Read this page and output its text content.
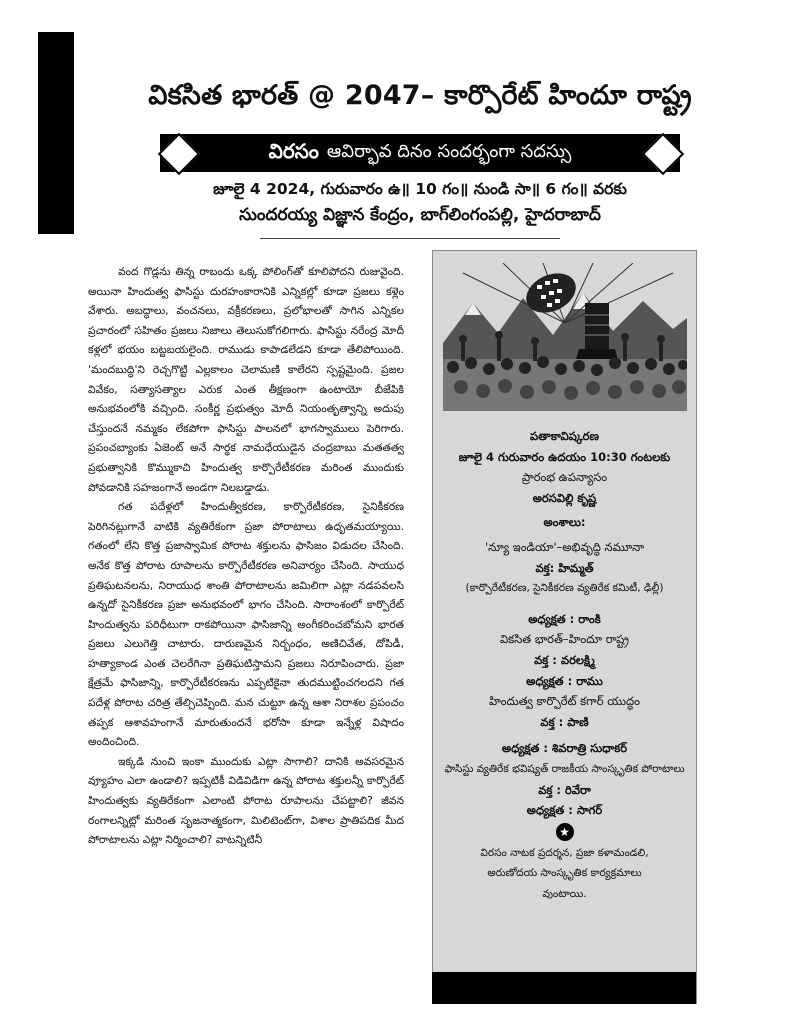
వికసిత భారత్ @ 2047– కార్పొరేట్ హిందూ రాష్ట్ర
విరసం ఆవిర్భావ దినం సందర్భంగా సదస్సు
జూలై 4 2024, గురువారం ఉ॥ 10 గం॥ నుండి సా॥ 6 గం॥ వరకు
సుందరయ్య విజ్ఞాన కేంద్రం, బాగ్‌లింగంపల్లి, హైదరాబాద్

వంద గొడ్లను తిన్న రాబందు ఒక్క పోలింగ్‌తో కూలిపోదని రుజువైంది. అయినా హిందుత్వ ఫాసిస్టు దురహంకారానికి ఎన్నికల్లో కూడా ప్రజలు కళ్లెం వేశారు. అబద్ధాలు, వంచనలు, వక్రీకరణలు, ప్రలోభాలతో సాగిన ఎన్నికల ప్రచారంలో సహితం ప్రజలు నిజాలు తెలుసుకోగలిగారు. ఫాసిస్టు నరేంద్ర మోదీ కళ్లలో భయం బట్టబయలైంది. రాముడు కాపాడలేడని కూడా తేలిపోయింది. 'మందబుద్ధి'ని రెచ్చగొట్టి ఎల్లకాలం చెలామణి కాలేరని స్పష్టమైంది. ప్రజల వివేకం, సత్యాసత్యాల ఎరుక ఎంత తీక్షణంగా ఉంటాయో బీజేపికి అనుభవంలోకి వచ్చింది. సంకీర్ణ ప్రభుత్వం మోదీ నియంతృత్వాన్ని అదుపు చేస్తుందనే నమ్మకం లేకపోగా ఫాసిస్టు పాలనలో భాగస్వాములు పెరిగారు. ప్రపంచబ్యాంకు ఏజెంట్ అనే సార్థక నామధేయుడైన చంద్రబాబు మతతత్వ ప్రభుత్వానికి కొమ్ముకాచి హిందుత్వ కార్పొరేటీకరణ మరింత ముందుకు పోవడానికి సహజంగానే అండగా నిలబడ్డాడు.

గత పదేళ్లలో హిందుత్వీకరణ, కార్పొరేటీకరణ, సైనికీకరణ పెరిగినట్లుగానే వాటికి వ్యతిరేకంగా ప్రజా పోరాటాలు ఉధృతమయ్యాయి. గతంలో లేని కొత్త ప్రజాస్వామిక పోరాట శక్తులను ఫాసిజం విడుదల చేసింది. అనేక కొత్త పోరాట రూపాలను కార్పొరేటీకరణ అనివార్యం చేసింది. సాయుధ ప్రతిఘటనలను, నిరాయుధ శాంతి పోరాటాలను జమిలిగా ఎట్లా నడపవలసి ఉన్నదో సైనికీకరణ ప్రజా అనుభవంలో భాగం చేసింది. సారాంశంలో కార్పొరేట్ హిందుత్వను పరిధీటుగా రాకపోయినా ఫాసిజాన్ని అంగీకరించబోమని భారత ప్రజలు ఎలుగెత్తి చాటారు. దారుణమైన నిర్బంధం, అణిచివేత, దోపిడీ, హత్యాకాండ ఎంత చెలరేగినా ప్రతిఘటిస్తామని ప్రజలు నిరూపించారు. ప్రజా క్షేత్రమే ఫాసిజాన్ని, కార్పొరేటీకరణను ఎప్పటికైనా తుదముట్టించగలదని గత పదేళ్ల పోరాట చరిత్ర తేల్చిచెప్పింది. మన చుట్టూ ఉన్న ఆశా నిరాశల ప్రపంచం తప్పక ఆశావహంగానే మారుతుందనే భరోసా కూడా ఇన్నేళ్ల విషాదం అందించింది.

ఇక్కడి నుంచి ఇంకా ముందుకు ఎట్లా సాగాలి? దానికి అవసరమైన వ్యూహం ఎలా ఉండాలి? ఇప్పటికీ విడివిడిగా ఉన్న పోరాట శక్తులన్నీ కార్పొరేట్ హిందుత్వకు వ్యతిరేకంగా ఎలాంటి పోరాట రూపాలను చేపట్టాలి? జీవన రంగాలన్నిట్లో మరింత సృజనాత్మకంగా, మిలిటెంట్‌గా, విశాల ప్రాతిపదిక మీద పోరాటాలను ఎట్లా నిర్మించాలి? వాటన్నిటినీ

పతాకావిష్కరణ
జూలై 4 గురువారం ఉదయం 10:30 గంటలకు
ప్రారంభ ఉపన్యాసం
అరసవిల్లి కృష్ణ
అంశాలు:
'న్యూ ఇండియా'–అభివృద్ధి నమూనా
వక్త: హిమ్మత్
(కార్పొరేటీకరణ, సైనికీకరణ వ్యతిరేక కమిటీ, ఢిల్లీ)
అధ్యక్షత : రాంకి
వికసిత భారత్–హిందూ రాష్ట్ర
వక్త : వరలక్ష్మి
అధ్యక్షత : రాము
హిందుత్వ కార్పొరేట్ కగార్ యుద్ధం
వక్త : పాణి
అధ్యక్షత : శివరాత్రి సుధాకర్
ఫాసిస్టు వ్యతిరేక భవిష్యత్ రాజకీయ సాంస్కృతిక పోరాటాలు
వక్త : రివేరా
అధ్యక్షత : సాగర్
★
విరసం నాటక ప్రదర్శన, ప్రజా కళామండలి, అరుణోదయ సాంస్కృతిక కార్యక్రమాలు వుంటాయి.
